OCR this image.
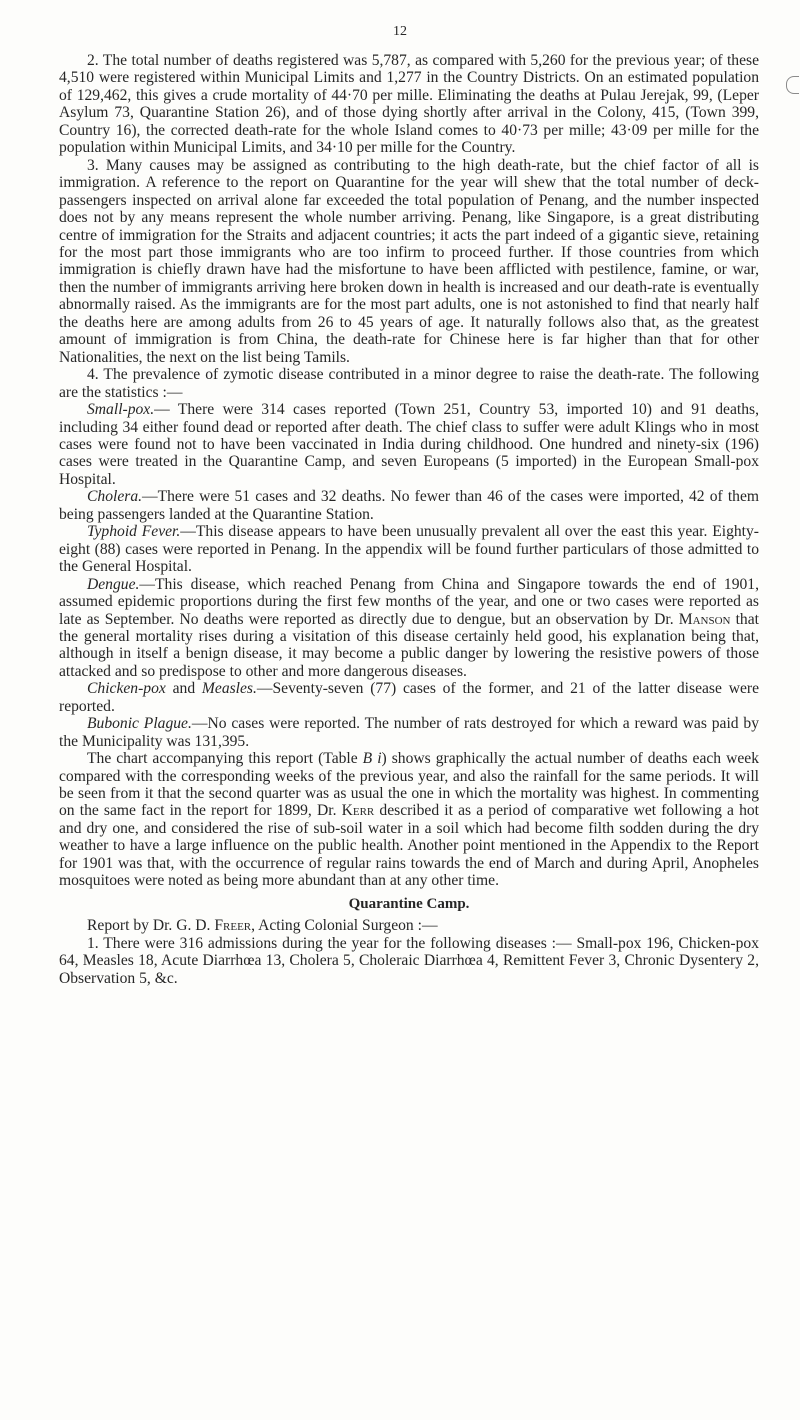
12

2. The total number of deaths registered was 5,787, as compared with 5,260 for the previous year; of these 4,510 were registered within Municipal Limits and 1,277 in the Country Districts. On an estimated population of 129,462, this gives a crude mortality of 44·70 per mille. Eliminating the deaths at Pulau Jerejak, 99, (Leper Asylum 73, Quarantine Station 26), and of those dying shortly after arrival in the Colony, 415, (Town 399, Country 16), the corrected death-rate for the whole Island comes to 40·73 per mille; 43·09 per mille for the population within Municipal Limits, and 34·10 per mille for the Country.

3. Many causes may be assigned as contributing to the high death-rate, but the chief factor of all is immigration. A reference to the report on Quarantine for the year will shew that the total number of deck-passengers inspected on arrival alone far exceeded the total population of Penang, and the number inspected does not by any means represent the whole number arriving. Penang, like Singapore, is a great distributing centre of immigration for the Straits and adjacent countries; it acts the part indeed of a gigantic sieve, retaining for the most part those immigrants who are too infirm to proceed further. If those countries from which immigration is chiefly drawn have had the misfortune to have been afflicted with pestilence, famine, or war, then the number of immigrants arriving here broken down in health is increased and our death-rate is eventually abnormally raised. As the immigrants are for the most part adults, one is not astonished to find that nearly half the deaths here are among adults from 26 to 45 years of age. It naturally follows also that, as the greatest amount of immigration is from China, the death-rate for Chinese here is far higher than that for other Nationalities, the next on the list being Tamils.

4. The prevalence of zymotic disease contributed in a minor degree to raise the death-rate. The following are the statistics :—

Small-pox.— There were 314 cases reported (Town 251, Country 53, imported 10) and 91 deaths, including 34 either found dead or reported after death. The chief class to suffer were adult Klings who in most cases were found not to have been vaccinated in India during childhood. One hundred and ninety-six (196) cases were treated in the Quarantine Camp, and seven Europeans (5 imported) in the European Small-pox Hospital.

Cholera.—There were 51 cases and 32 deaths. No fewer than 46 of the cases were imported, 42 of them being passengers landed at the Quarantine Station.

Typhoid Fever.—This disease appears to have been unusually prevalent all over the east this year. Eighty-eight (88) cases were reported in Penang. In the appendix will be found further particulars of those admitted to the General Hospital.

Dengue.—This disease, which reached Penang from China and Singapore towards the end of 1901, assumed epidemic proportions during the first few months of the year, and one or two cases were reported as late as September. No deaths were reported as directly due to dengue, but an observation by Dr. Manson that the general mortality rises during a visitation of this disease certainly held good, his explanation being that, although in itself a benign disease, it may become a public danger by lowering the resistive powers of those attacked and so predispose to other and more dangerous diseases.

Chicken-pox and Measles.—Seventy-seven (77) cases of the former, and 21 of the latter disease were reported.

Bubonic Plague.—No cases were reported. The number of rats destroyed for which a reward was paid by the Municipality was 131,395.

The chart accompanying this report (Table B i) shows graphically the actual number of deaths each week compared with the corresponding weeks of the previous year, and also the rainfall for the same periods. It will be seen from it that the second quarter was as usual the one in which the mortality was highest. In commenting on the same fact in the report for 1899, Dr. Kerr described it as a period of comparative wet following a hot and dry one, and considered the rise of sub-soil water in a soil which had become filth sodden during the dry weather to have a large influence on the public health. Another point mentioned in the Appendix to the Report for 1901 was that, with the occurrence of regular rains towards the end of March and during April, Anopheles mosquitoes were noted as being more abundant than at any other time.

Quarantine Camp.

Report by Dr. G. D. Freer, Acting Colonial Surgeon :—

1. There were 316 admissions during the year for the following diseases :— Small-pox 196, Chicken-pox 64, Measles 18, Acute Diarrhœa 13, Cholera 5, Choleraic Diarrhœa 4, Remittent Fever 3, Chronic Dysentery 2, Observation 5, &c.
